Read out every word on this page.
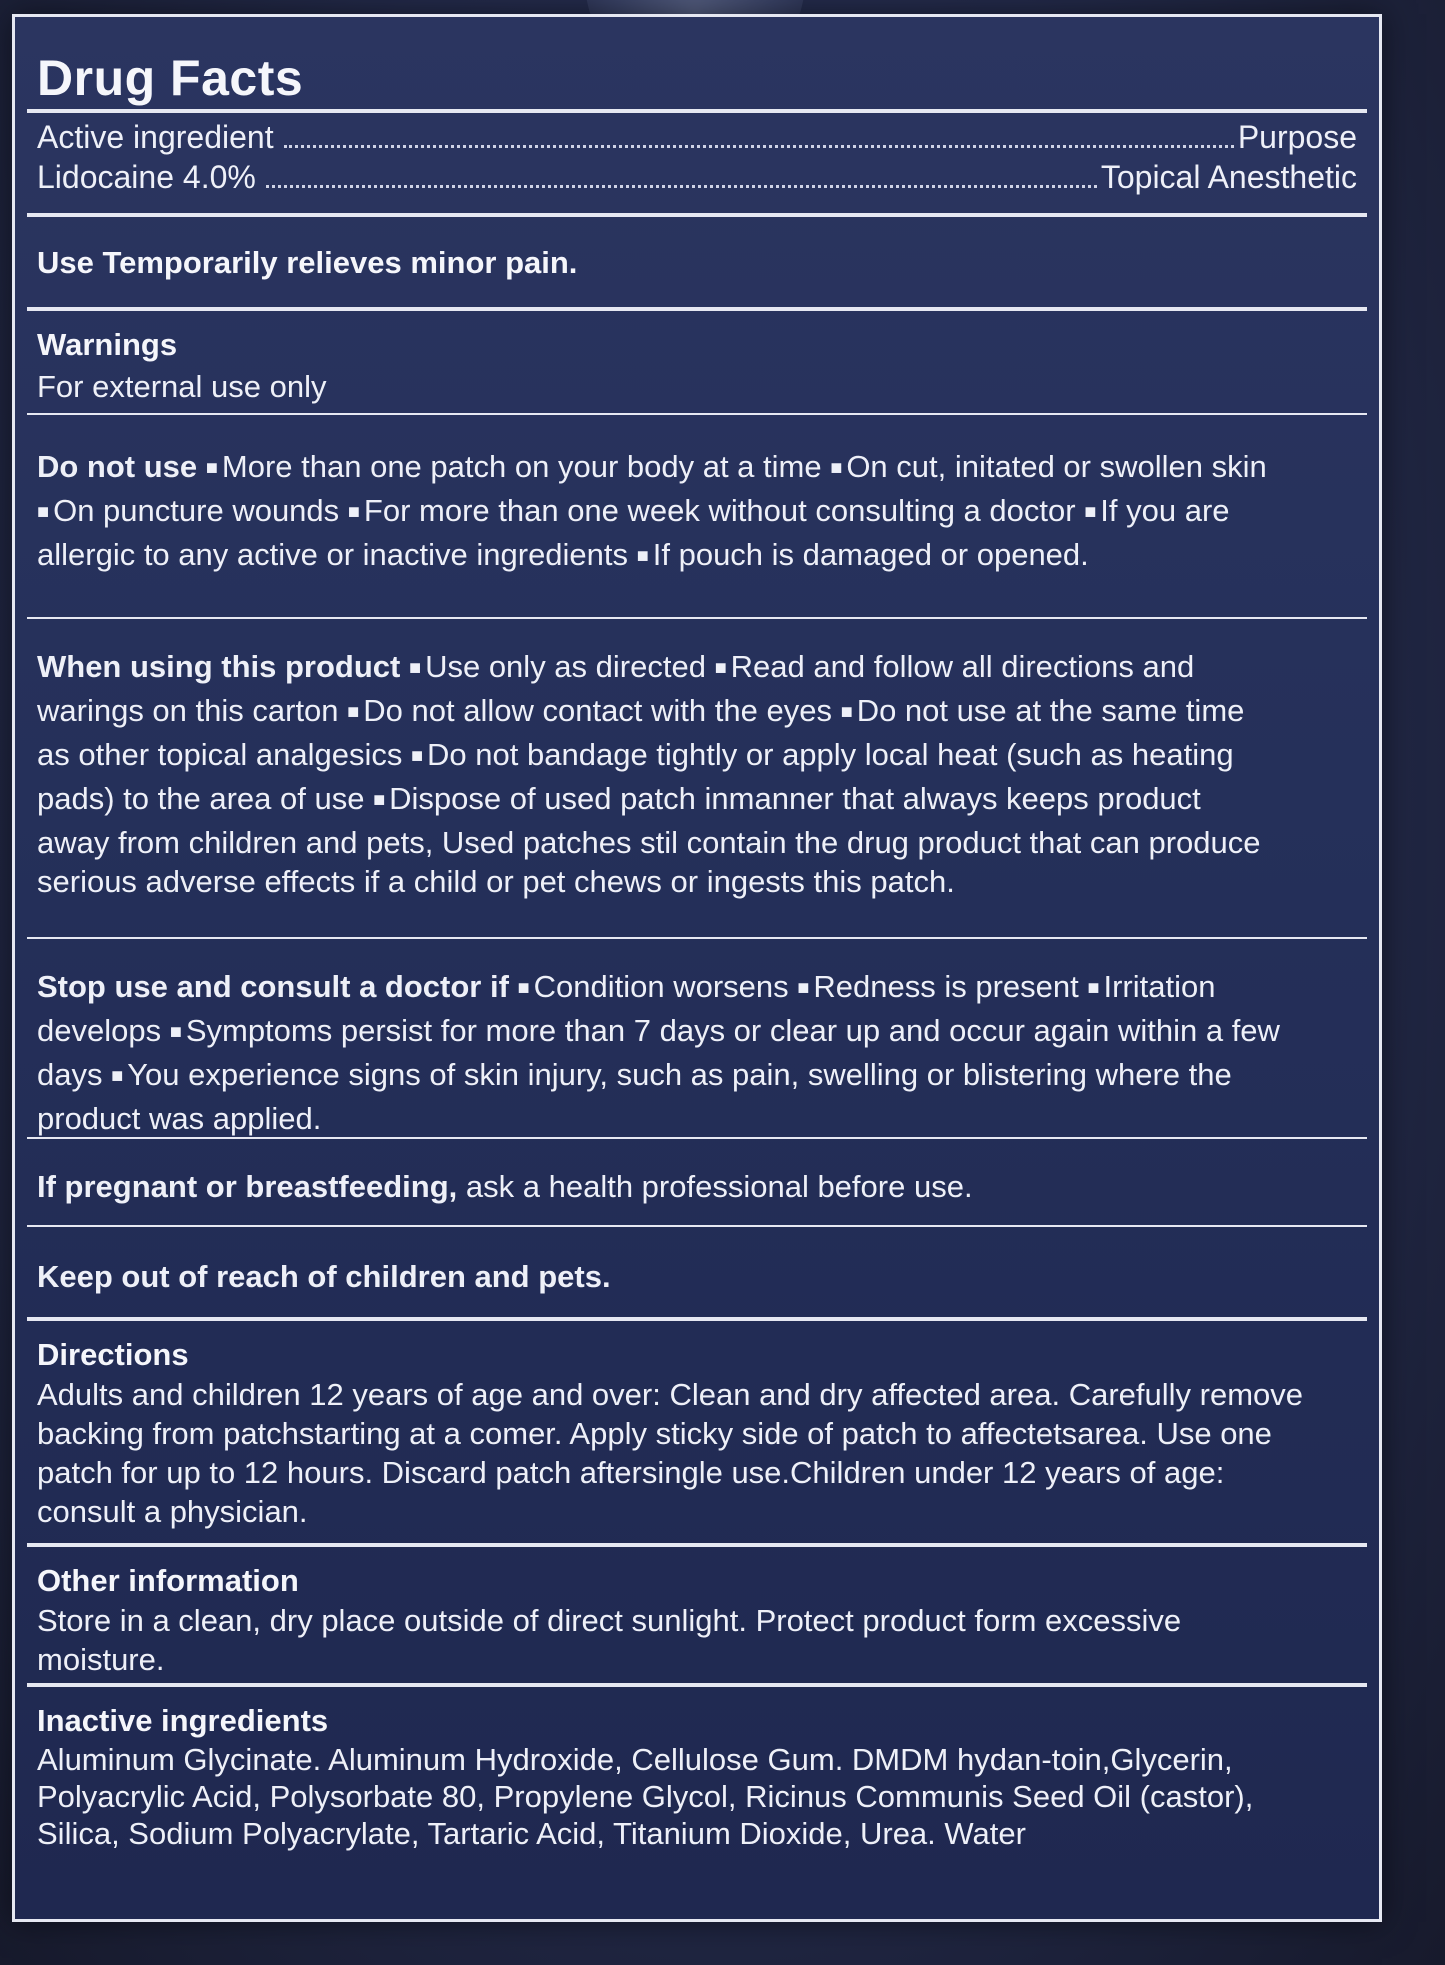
Drug Facts
Active ingredient	Purpose
Lidocaine 4.0%	Topical Anesthetic
Use Temporarily relieves minor pain.
Warnings
For external use only
Do not use ■ More than one patch on your body at a time ■ On cut, initated or swollen skin ■ On puncture wounds ■ For more than one week without consulting a doctor ■ If you are allergic to any active or inactive ingredients ■ If pouch is damaged or opened.
When using this product ■ Use only as directed ■ Read and follow all directions and warings on this carton ■ Do not allow contact with the eyes ■ Do not use at the same time as other topical analgesics ■ Do not bandage tightly or apply local heat (such as heating pads) to the area of use ■ Dispose of used patch inmanner that always keeps product away from children and pets, Used patches stil contain the drug product that can produce serious adverse effects if a child or pet chews or ingests this patch.
Stop use and consult a doctor if ■ Condition worsens ■ Redness is present ■ Irritation develops ■ Symptoms persist for more than 7 days or clear up and occur again within a few days ■ You experience signs of skin injury, such as pain, swelling or blistering where the product was applied.
If pregnant or breastfeeding, ask a health professional before use.
Keep out of reach of children and pets.
Directions
Adults and children 12 years of age and over: Clean and dry affected area. Carefully remove backing from patchstarting at a comer. Apply sticky side of patch to affectetsarea. Use one patch for up to 12 hours. Discard patch aftersingle use.Children under 12 years of age: consult a physician.
Other information
Store in a clean, dry place outside of direct sunlight. Protect product form excessive moisture.
Inactive ingredients
Aluminum Glycinate. Aluminum Hydroxide, Cellulose Gum. DMDM hydan-toin,Glycerin, Polyacrylic Acid, Polysorbate 80, Propylene Glycol, Ricinus Communis Seed Oil (castor), Silica, Sodium Polyacrylate, Tartaric Acid, Titanium Dioxide, Urea. Water
